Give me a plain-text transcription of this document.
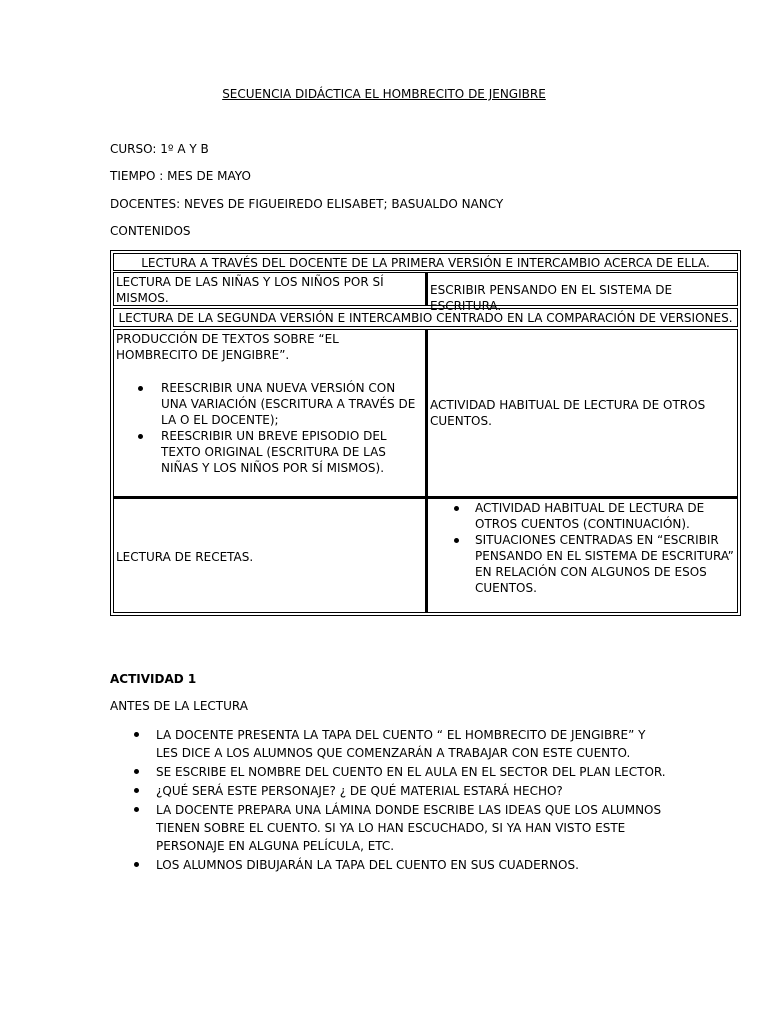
SECUENCIA DIDÁCTICA EL HOMBRECITO DE JENGIBRE
CURSO: 1º A Y B
TIEMPO : MES DE MAYO
DOCENTES: NEVES DE FIGUEIREDO ELISABET; BASUALDO NANCY
CONTENIDOS
LECTURA A TRAVÉS DEL DOCENTE DE LA PRIMERA VERSIÓN E INTERCAMBIO ACERCA DE ELLA.
LECTURA DE LAS NIÑAS Y LOS NIÑOS POR SÍ MISMOS.
ESCRIBIR PENSANDO EN EL SISTEMA DE ESCRITURA.
LECTURA DE LA SEGUNDA VERSIÓN E INTERCAMBIO CENTRADO EN LA COMPARACIÓN DE VERSIONES.
PRODUCCIÓN DE TEXTOS SOBRE “EL HOMBRECITO DE JENGIBRE”.
REESCRIBIR UNA NUEVA VERSIÓN CON UNA VARIACIÓN (ESCRITURA A TRAVÉS DE LA O EL DOCENTE);
REESCRIBIR UN BREVE EPISODIO DEL TEXTO ORIGINAL (ESCRITURA DE LAS NIÑAS Y LOS NIÑOS POR SÍ MISMOS).
ACTIVIDAD HABITUAL DE LECTURA DE OTROS CUENTOS.
LECTURA DE RECETAS.
ACTIVIDAD HABITUAL DE LECTURA DE OTROS CUENTOS (CONTINUACIÓN).
SITUACIONES CENTRADAS EN “ESCRIBIR PENSANDO EN EL SISTEMA DE ESCRITURA” EN RELACIÓN CON ALGUNOS DE ESOS CUENTOS.
ACTIVIDAD 1
ANTES DE LA LECTURA
LA DOCENTE PRESENTA LA TAPA DEL CUENTO “ EL HOMBRECITO DE JENGIBRE” Y LES DICE A LOS ALUMNOS QUE COMENZARÁN A TRABAJAR CON ESTE CUENTO.
SE ESCRIBE EL NOMBRE DEL CUENTO EN EL AULA EN EL SECTOR DEL PLAN LECTOR.
¿QUÉ SERÁ ESTE PERSONAJE? ¿ DE QUÉ MATERIAL ESTARÁ HECHO?
LA DOCENTE PREPARA UNA LÁMINA DONDE ESCRIBE LAS IDEAS QUE LOS ALUMNOS TIENEN SOBRE EL CUENTO. SI YA LO HAN ESCUCHADO, SI YA HAN VISTO ESTE PERSONAJE EN ALGUNA PELÍCULA, ETC.
LOS ALUMNOS DIBUJARÁN LA TAPA DEL CUENTO EN SUS CUADERNOS.
